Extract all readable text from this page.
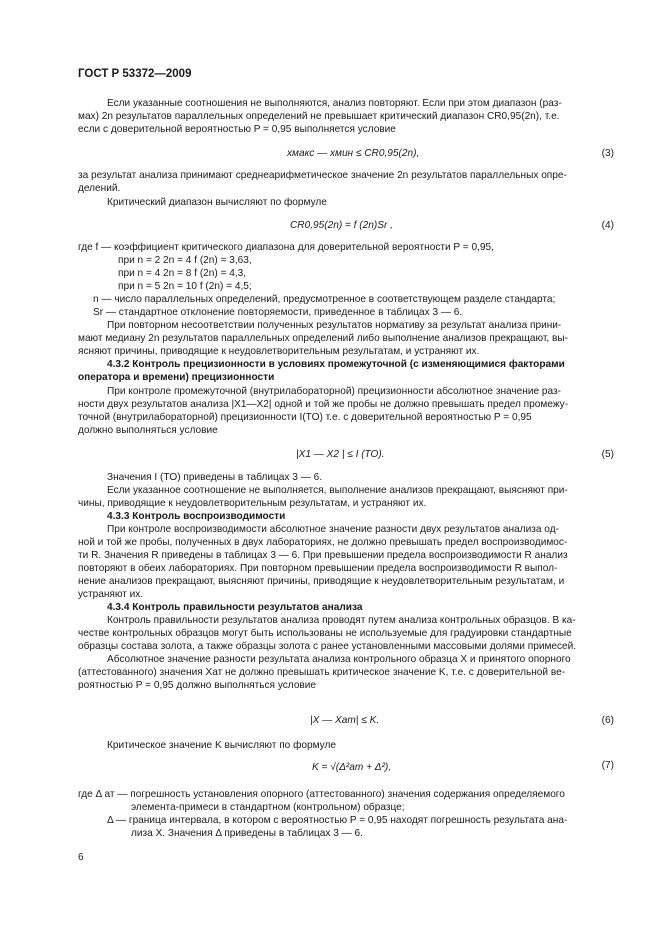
ГОСТ Р 53372—2009
Если указанные соотношения не выполняются, анализ повторяют. Если при этом диапазон (раз-
мах) 2n результатов параллельных определений не превышает критический диапазон CR0,95(2n), т.е.
если с доверительной вероятностью P = 0,95 выполняется условие
xмакс — xмин ≤ CR0,95(2n),	(3)
за результат анализа принимают среднеарифметическое значение 2n результатов параллельных опре-
делений.
Критический диапазон вычисляют по формуле
CR0,95(2n) = f (2n)Sr ,	(4)
где f — коэффициент критического диапазона для доверительной вероятности P = 0,95,
при n = 2 2n = 4 f (2n) = 3,63,
при n = 4 2n = 8 f (2n) = 4,3,
при n = 5 2n = 10 f (2n) = 4,5;
n — число параллельных определений, предусмотренное в соответствующем разделе стандарта;
Sr — стандартное отклонение повторяемости, приведенное в таблицах 3 — 6.
При повторном несоответствии полученных результатов нормативу за результат анализа прини-
мают медиану 2n результатов параллельных определений либо выполнение анализов прекращают, вы-
ясняют причины, приводящие к неудовлетворительным результатам, и устраняют их.
4.3.2 Контроль прецизионности в условиях промежуточной (с изменяющимися факторами
оператора и времени) прецизионности
При контроле промежуточной (внутрилабораторной) прецизионности абсолютное значение раз-
ности двух результатов анализа |X1—X2| одной и той же пробы не должно превышать предел промежу-
точной (внутрилабораторной) прецизионности I(TO) т.е. с доверительной вероятностью P = 0,95
должно выполняться условие
|X1 — X2 | ≤ I (TO).	(5)
Значения I (TO) приведены в таблицах 3 — 6.
Если указанное соотношение не выполняется, выполнение анализов прекращают, выясняют при-
чины, приводящие к неудовлетворительным результатам, и устраняют их.
4.3.3 Контроль воспроизводимости
При контроле воспроизводимости абсолютное значение разности двух результатов анализа од-
ной и той же пробы, полученных в двух лабораториях, не должно превышать предел воспроизводимос-
ти R. Значения R приведены в таблицах 3 — 6. При превышении предела воспроизводимости R анализ
повторяют в обеих лабораториях. При повторном превышении предела воспроизводимости R выпол-
нение анализов прекращают, выясняют причины, приводящие к неудовлетворительным результатам, и
устраняют их.
4.3.4 Контроль правильности результатов анализа
Контроль правильности результатов анализа проводят путем анализа контрольных образцов. В ка-
честве контрольных образцов могут быть использованы не используемые для градуировки стандартные
образцы состава золота, а также образцы золота с ранее установленными массовыми долями примесей.
Абсолютное значение разности результата анализа контрольного образца X и принятого опорного
(аттестованного) значения Xат не должно превышать критическое значение K, т.е. с доверительной ве-
роятностью P = 0,95 должно выполняться условие
|X — Xат| ≤ K.	(6)
Критическое значение K вычисляют по формуле
K = √(Δ²ат + Δ²),	(7)
где Δ ат — погрешность установления опорного (аттестованного) значения содержания определяемого
элемента-примеси в стандартном (контрольном) образце;
Δ — граница интервала, в котором с вероятностью P = 0,95 находят погрешность результата ана-
лиза X. Значения Δ приведены в таблицах 3 — 6.
6
